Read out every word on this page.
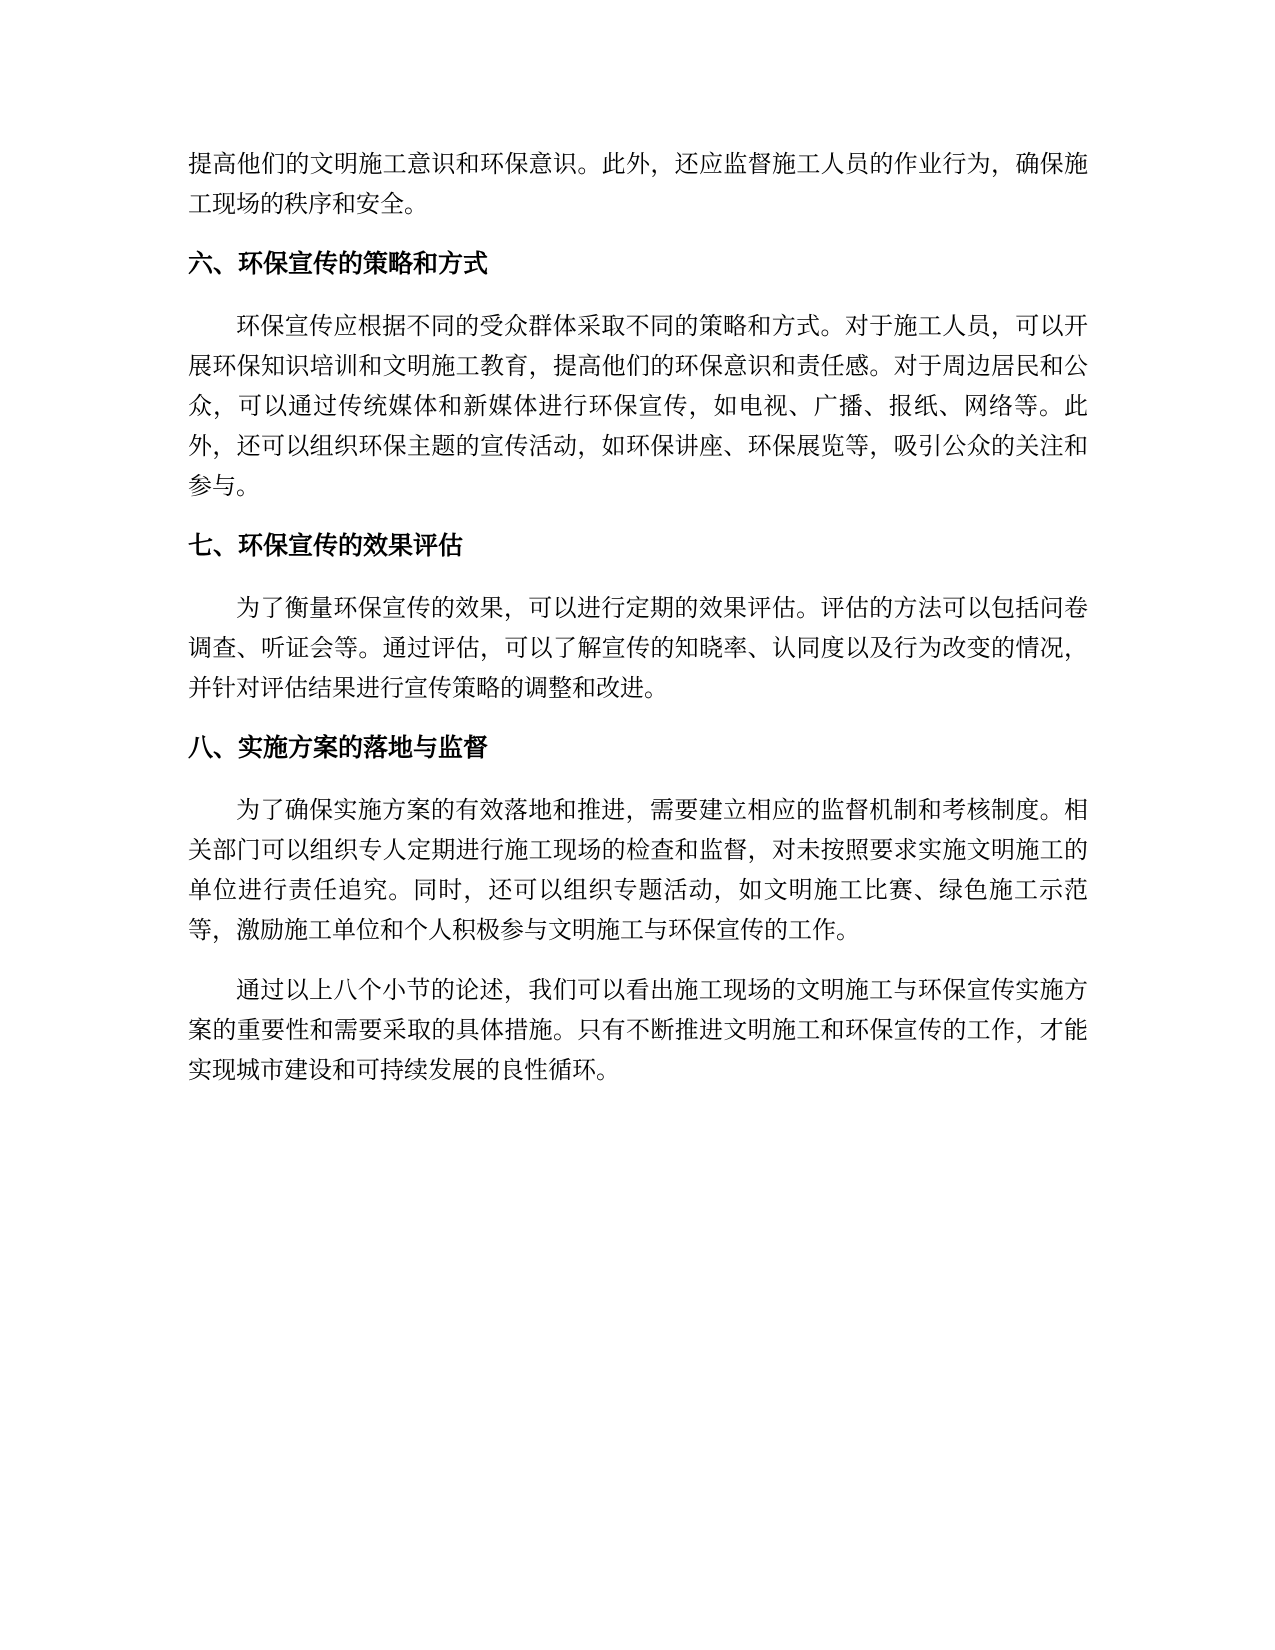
提高他们的文明施工意识和环保意识。此外，还应监督施工人员的作业行为，确保施工现场的秩序和安全。

六、环保宣传的策略和方式

环保宣传应根据不同的受众群体采取不同的策略和方式。对于施工人员，可以开展环保知识培训和文明施工教育，提高他们的环保意识和责任感。对于周边居民和公众，可以通过传统媒体和新媒体进行环保宣传，如电视、广播、报纸、网络等。此外，还可以组织环保主题的宣传活动，如环保讲座、环保展览等，吸引公众的关注和参与。

七、环保宣传的效果评估

为了衡量环保宣传的效果，可以进行定期的效果评估。评估的方法可以包括问卷调查、听证会等。通过评估，可以了解宣传的知晓率、认同度以及行为改变的情况，并针对评估结果进行宣传策略的调整和改进。

八、实施方案的落地与监督

为了确保实施方案的有效落地和推进，需要建立相应的监督机制和考核制度。相关部门可以组织专人定期进行施工现场的检查和监督，对未按照要求实施文明施工的单位进行责任追究。同时，还可以组织专题活动，如文明施工比赛、绿色施工示范等，激励施工单位和个人积极参与文明施工与环保宣传的工作。

通过以上八个小节的论述，我们可以看出施工现场的文明施工与环保宣传实施方案的重要性和需要采取的具体措施。只有不断推进文明施工和环保宣传的工作，才能实现城市建设和可持续发展的良性循环。
